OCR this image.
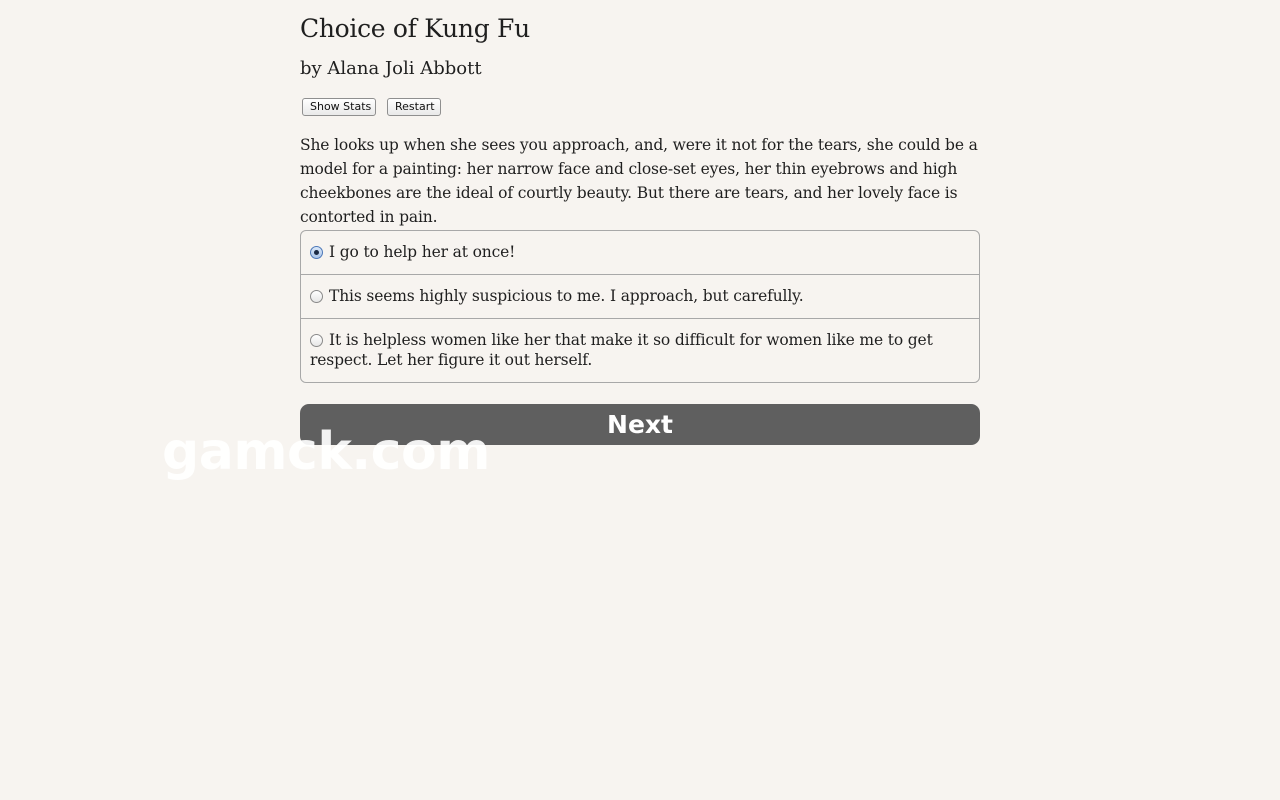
Choice of Kung Fu
by Alana Joli Abbott
Show Stats	Restart
She looks up when she sees you approach, and, were it not for the tears, she could be a model for a painting: her narrow face and close-set eyes, her thin eyebrows and high cheekbones are the ideal of courtly beauty. But there are tears, and her lovely face is contorted in pain.
I go to help her at once!
This seems highly suspicious to me. I approach, but carefully.
It is helpless women like her that make it so difficult for women like me to get respect. Let her figure it out herself.
Next
gamck.com
